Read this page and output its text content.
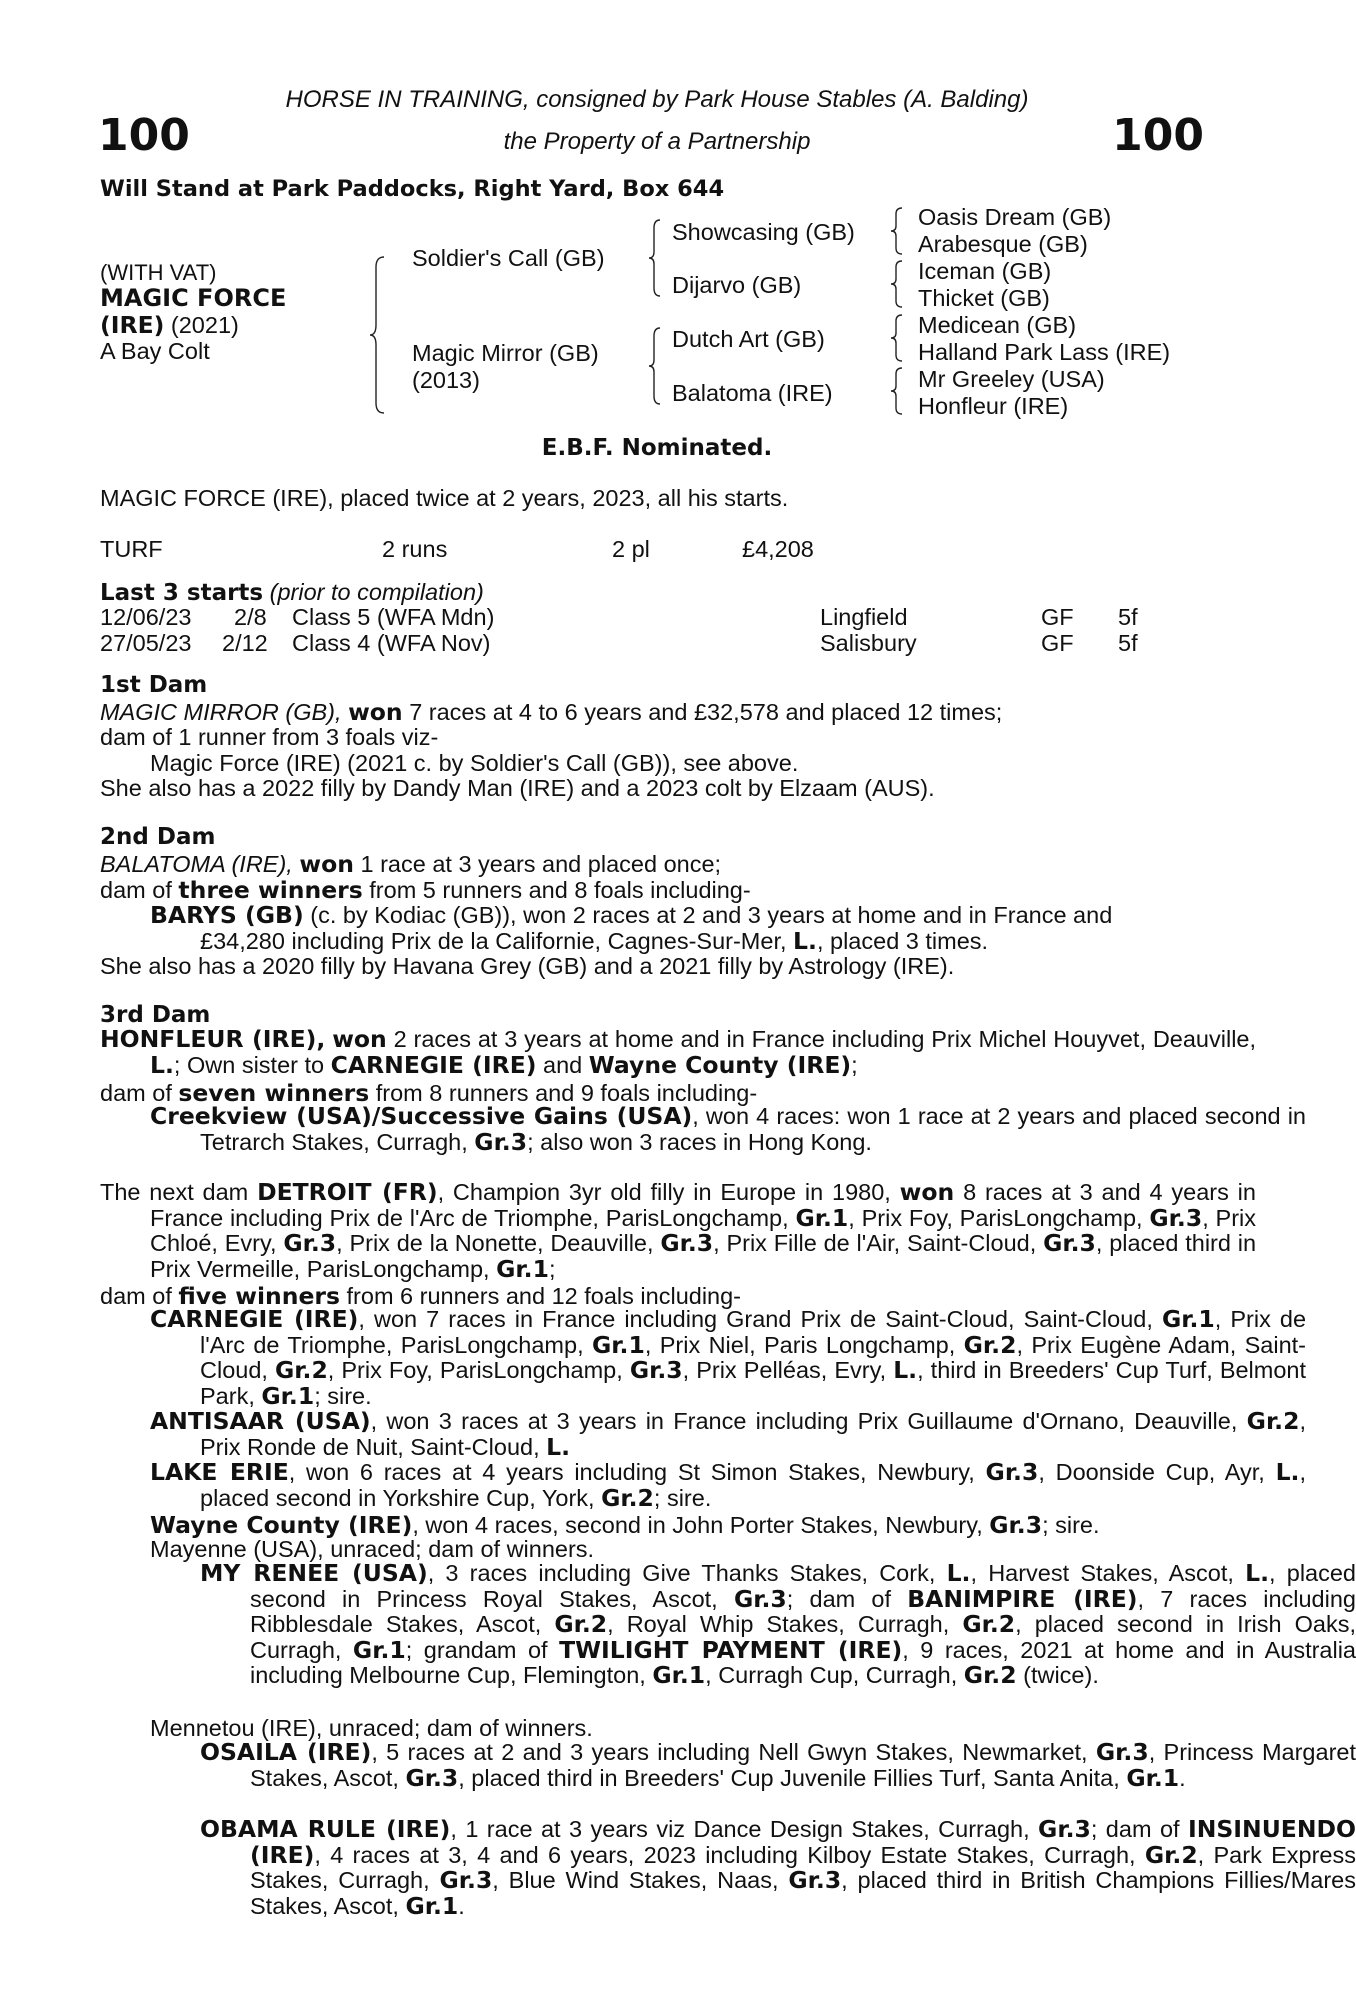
100	100
HORSE IN TRAINING, consigned by Park House Stables (A. Balding)
the Property of a Partnership
Will Stand at Park Paddocks, Right Yard, Box 644
(WITH VAT)
MAGIC FORCE
(IRE) (2021)
A Bay Colt
Soldier's Call (GB)
Magic Mirror (GB)
(2013)
Showcasing (GB)
Dijarvo (GB)
Dutch Art (GB)
Balatoma (IRE)
Oasis Dream (GB)
Arabesque (GB)
Iceman (GB)
Thicket (GB)
Medicean (GB)
Halland Park Lass (IRE)
Mr Greeley (USA)
Honfleur (IRE)
E.B.F. Nominated.
MAGIC FORCE (IRE), placed twice at 2 years, 2023, all his starts.
TURF	2 runs	2 pl	£4,208
Last 3 starts (prior to compilation)
12/06/23 2/8 Class 5 (WFA Mdn)	Lingfield	GF 5f
27/05/23 2/12 Class 4 (WFA Nov)	Salisbury	GF 5f
1st Dam
MAGIC MIRROR (GB), won 7 races at 4 to 6 years and £32,578 and placed 12 times;
dam of 1 runner from 3 foals viz-
Magic Force (IRE) (2021 c. by Soldier's Call (GB)), see above.
She also has a 2022 filly by Dandy Man (IRE) and a 2023 colt by Elzaam (AUS).
2nd Dam
BALATOMA (IRE), won 1 race at 3 years and placed once;
dam of three winners from 5 runners and 8 foals including-
BARYS (GB) (c. by Kodiac (GB)), won 2 races at 2 and 3 years at home and in France and
£34,280 including Prix de la Californie, Cagnes-Sur-Mer, L., placed 3 times.
She also has a 2020 filly by Havana Grey (GB) and a 2021 filly by Astrology (IRE).
3rd Dam
HONFLEUR (IRE), won 2 races at 3 years at home and in France including Prix Michel Houyvet, Deauville, L.; Own sister to CARNEGIE (IRE) and Wayne County (IRE);
dam of seven winners from 8 runners and 9 foals including-
Creekview (USA)/Successive Gains (USA), won 4 races: won 1 race at 2 years and placed second in Tetrarch Stakes, Curragh, Gr.3; also won 3 races in Hong Kong.
The next dam DETROIT (FR), Champion 3yr old filly in Europe in 1980, won 8 races at 3 and 4 years in France including Prix de l'Arc de Triomphe, ParisLongchamp, Gr.1, Prix Foy, ParisLongchamp, Gr.3, Prix Chloé, Evry, Gr.3, Prix de la Nonette, Deauville, Gr.3, Prix Fille de l'Air, Saint-Cloud, Gr.3, placed third in Prix Vermeille, ParisLongchamp, Gr.1;
dam of five winners from 6 runners and 12 foals including-
CARNEGIE (IRE), won 7 races in France including Grand Prix de Saint-Cloud, Saint-Cloud, Gr.1, Prix de l'Arc de Triomphe, ParisLongchamp, Gr.1, Prix Niel, Paris Longchamp, Gr.2, Prix Eugène Adam, Saint-Cloud, Gr.2, Prix Foy, ParisLongchamp, Gr.3, Prix Pelléas, Evry, L., third in Breeders' Cup Turf, Belmont Park, Gr.1; sire.
ANTISAAR (USA), won 3 races at 3 years in France including Prix Guillaume d'Ornano, Deauville, Gr.2, Prix Ronde de Nuit, Saint-Cloud, L.
LAKE ERIE, won 6 races at 4 years including St Simon Stakes, Newbury, Gr.3, Doonside Cup, Ayr, L., placed second in Yorkshire Cup, York, Gr.2; sire.
Wayne County (IRE), won 4 races, second in John Porter Stakes, Newbury, Gr.3; sire.
Mayenne (USA), unraced; dam of winners.
MY RENEE (USA), 3 races including Give Thanks Stakes, Cork, L., Harvest Stakes, Ascot, L., placed second in Princess Royal Stakes, Ascot, Gr.3; dam of BANIMPIRE (IRE), 7 races including Ribblesdale Stakes, Ascot, Gr.2, Royal Whip Stakes, Curragh, Gr.2, placed second in Irish Oaks, Curragh, Gr.1; grandam of TWILIGHT PAYMENT (IRE), 9 races, 2021 at home and in Australia including Melbourne Cup, Flemington, Gr.1, Curragh Cup, Curragh, Gr.2 (twice).
Mennetou (IRE), unraced; dam of winners.
OSAILA (IRE), 5 races at 2 and 3 years including Nell Gwyn Stakes, Newmarket, Gr.3, Princess Margaret Stakes, Ascot, Gr.3, placed third in Breeders' Cup Juvenile Fillies Turf, Santa Anita, Gr.1.
OBAMA RULE (IRE), 1 race at 3 years viz Dance Design Stakes, Curragh, Gr.3; dam of INSINUENDO (IRE), 4 races at 3, 4 and 6 years, 2023 including Kilboy Estate Stakes, Curragh, Gr.2, Park Express Stakes, Curragh, Gr.3, Blue Wind Stakes, Naas, Gr.3, placed third in British Champions Fillies/Mares Stakes, Ascot, Gr.1.
